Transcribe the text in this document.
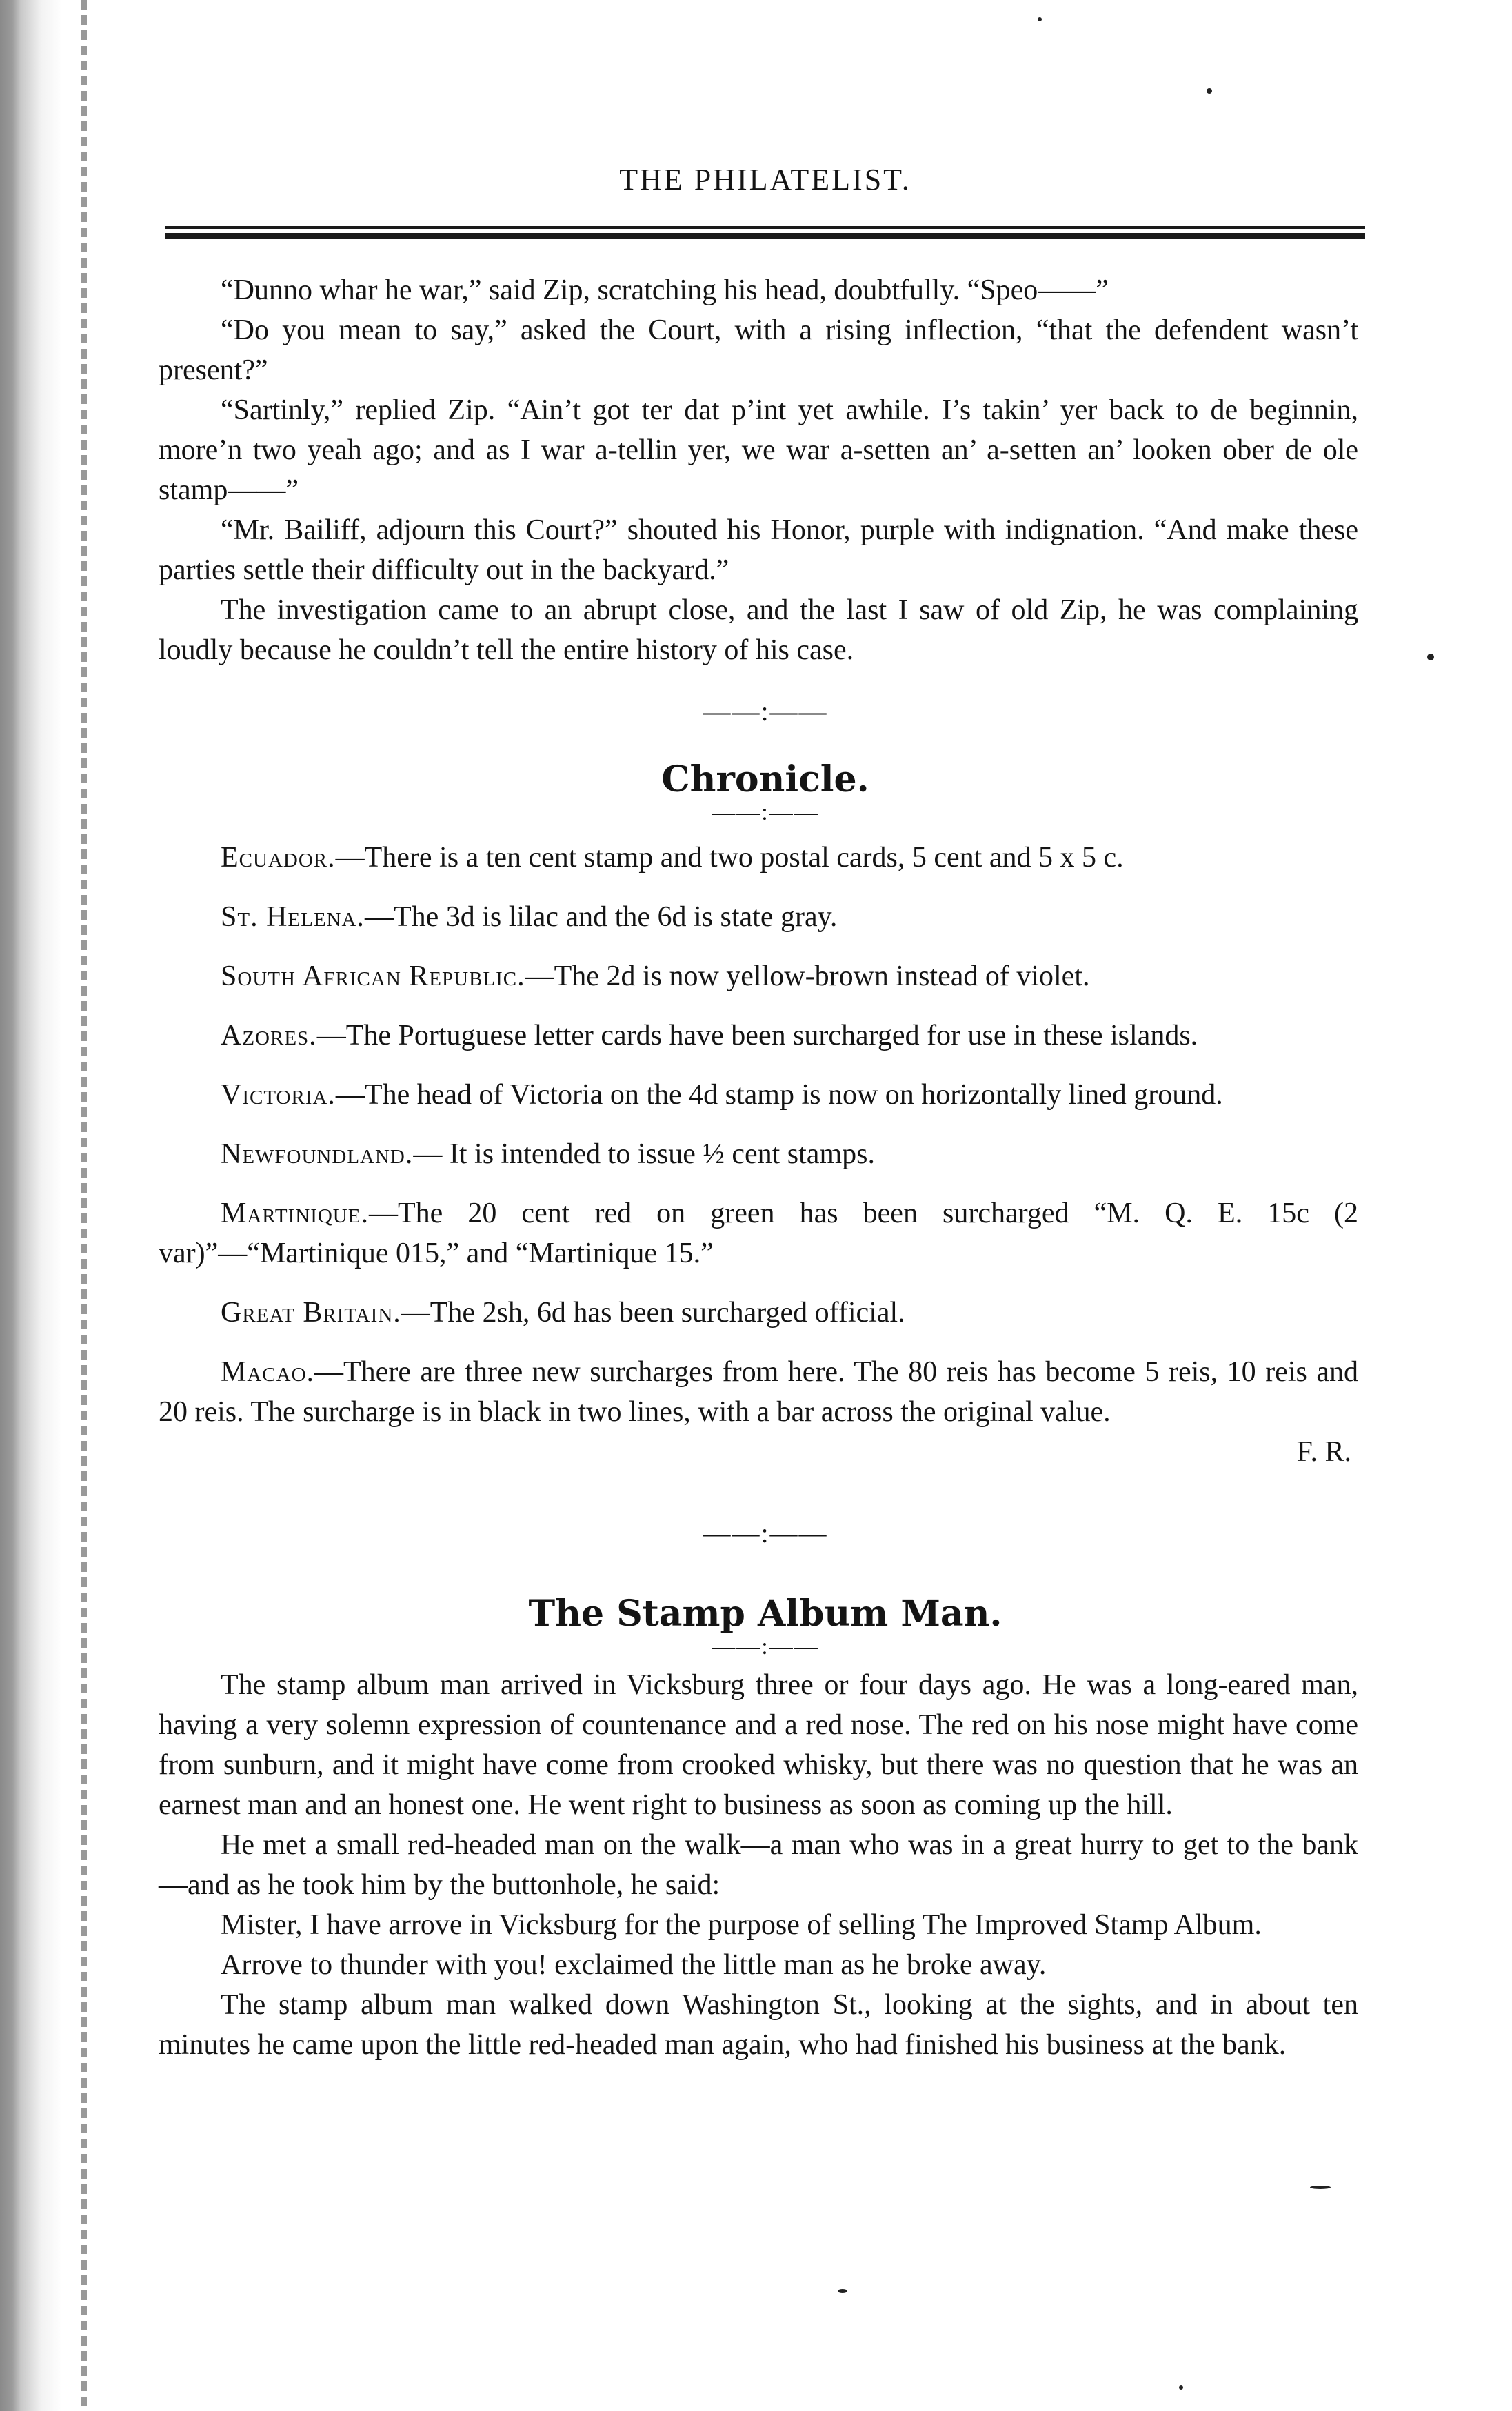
THE PHILATELIST.

“Dunno whar he war,” said Zip, scratching his head, doubtfully. “Speo——”

“Do you mean to say,” asked the Court, with a rising inflection, “that the defendent wasn’t present?”

“Sartinly,” replied Zip. “Ain’t got ter dat p’int yet awhile. I’s takin’ yer back to de beginnin, more’n two yeah ago; and as I war a-tellin yer, we war a-setten an’ a-setten an’ looken ober de ole stamp——”

“Mr. Bailiff, adjourn this Court?” shouted his Honor, purple with indignation. “And make these parties settle their difficulty out in the backyard.”

The investigation came to an abrupt close, and the last I saw of old Zip, he was complaining loudly because he couldn’t tell the entire history of his case.

——:——
Chronicle.
——:——

Ecuador.—There is a ten cent stamp and two postal cards, 5 cent and 5 x 5 c.

St. Helena.—The 3d is lilac and the 6d is state gray.

South African Republic.—The 2d is now yellow-brown instead of violet.

Azores.—The Portuguese letter cards have been surcharged for use in these islands.

Victoria.—The head of Victoria on the 4d stamp is now on horizontally lined ground.

Newfoundland.— It is intended to issue ½ cent stamps.

Martinique.—The 20 cent red on green has been surcharged “M. Q. E. 15c (2 var)”—“Martinique 015,” and “Martinique 15.”

Great Britain.—The 2sh, 6d has been surcharged official.

Macao.—There are three new surcharges from here. The 80 reis has become 5 reis, 10 reis and 20 reis. The surcharge is in black in two lines, with a bar across the original value.

F. R.

——:——
The Stamp Album Man.
——:——

The stamp album man arrived in Vicksburg three or four days ago. He was a long-eared man, having a very solemn expression of countenance and a red nose. The red on his nose might have come from sunburn, and it might have come from crooked whisky, but there was no question that he was an earnest man and an honest one. He went right to business as soon as coming up the hill.

He met a small red-headed man on the walk—a man who was in a great hurry to get to the bank—and as he took him by the buttonhole, he said:

Mister, I have arrove in Vicksburg for the purpose of selling The Improved Stamp Album.

Arrove to thunder with you! exclaimed the little man as he broke away.

The stamp album man walked down Washington St., looking at the sights, and in about ten minutes he came upon the little red-headed man again, who had finished his business at the bank.
